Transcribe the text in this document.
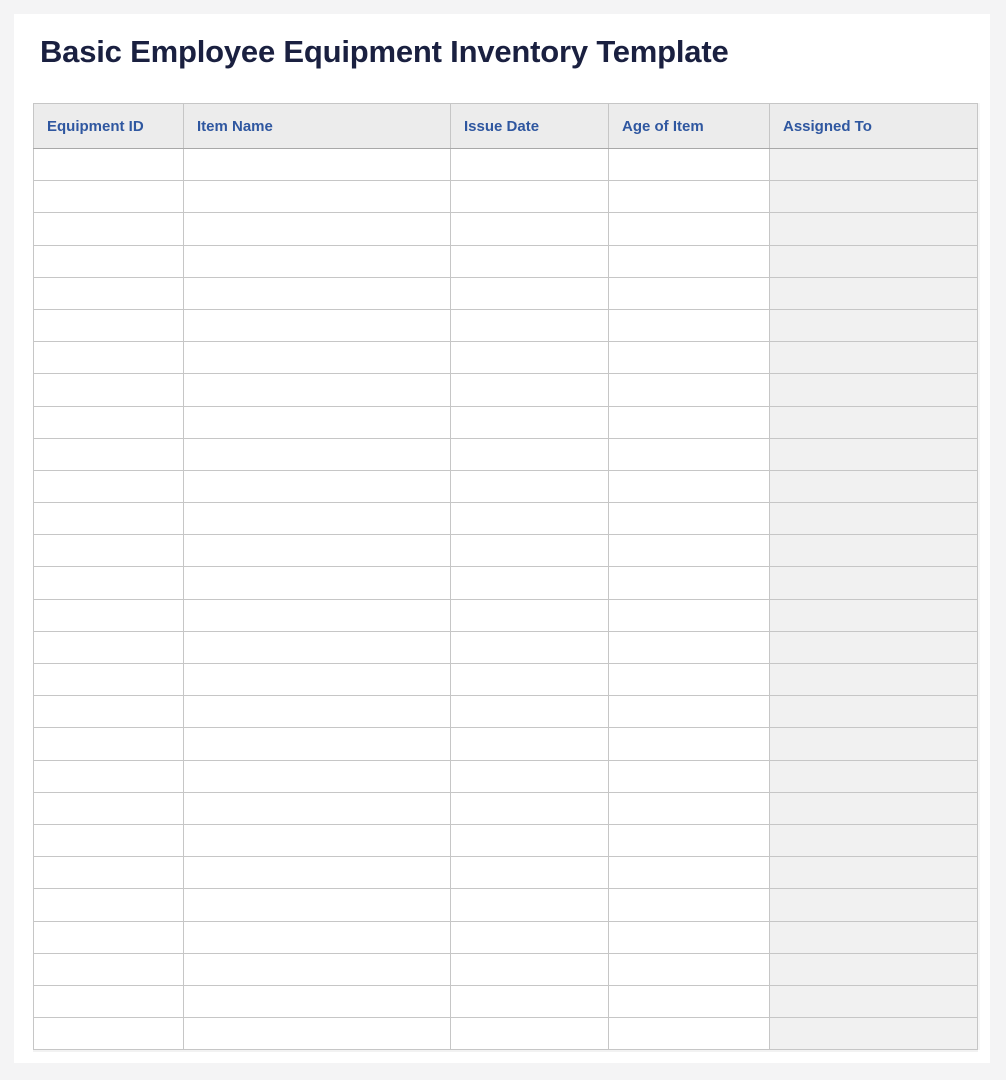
Basic Employee Equipment Inventory Template
Equipment ID	Item Name	Issue Date	Age of Item	Assigned To
